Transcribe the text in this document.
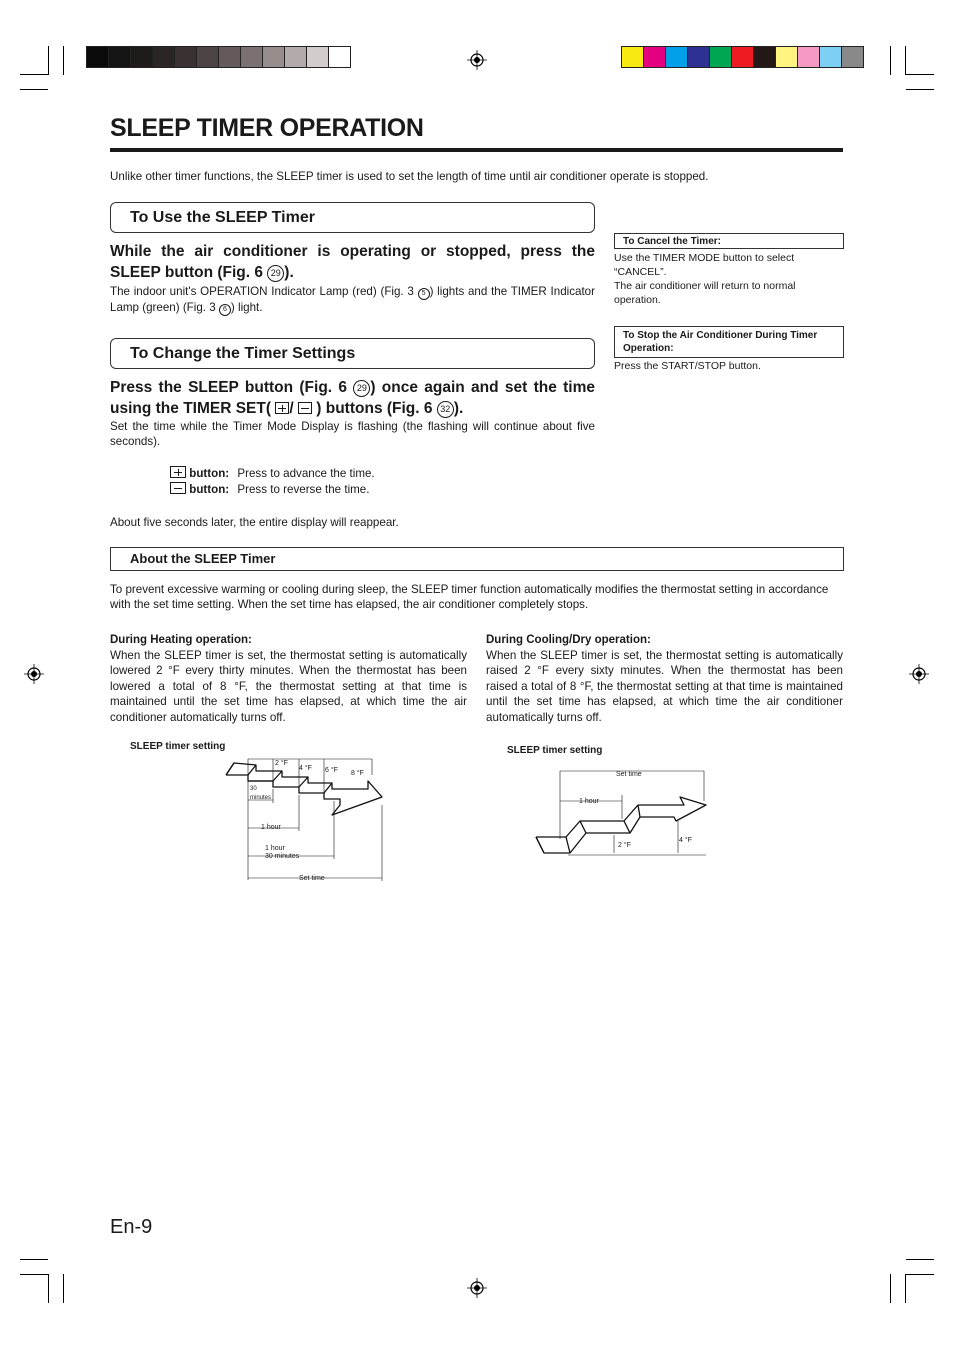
SLEEP TIMER OPERATION

Unlike other timer functions, the SLEEP timer is used to set the length of time until air conditioner operate is stopped.

To Use the SLEEP Timer

While the air conditioner is operating or stopped, press the SLEEP button (Fig. 6 29 ).

The indoor unit's OPERATION Indicator Lamp (red) (Fig. 3 5 ) lights and the TIMER Indicator Lamp (green) (Fig. 3 6 ) light.

To Cancel the Timer:
Use the TIMER MODE button to select “CANCEL”.
The air conditioner will return to normal operation.
To Stop the Air Conditioner During Timer Operation:
Press the START/STOP button.
To Change the Timer Settings

Press the SLEEP button (Fig. 6 29 ) once again and set the time using the TIMER SET(
/
) buttons (Fig. 6 32 ).

Set the time while the Timer Mode Display is flashing (the flashing will continue about five seconds).

button: Press to advance the time.
button: Press to reverse the time.

About five seconds later, the entire display will reappear.

About the SLEEP Timer

To prevent excessive warming or cooling during sleep, the SLEEP timer function automatically modifies the thermostat setting in accordance with the set time setting. When the set time has elapsed, the air conditioner completely stops.

During Heating operation:

When the SLEEP timer is set, the thermostat setting is automatically lowered 2 °F every thirty minutes. When the thermostat has been lowered a total of 8 °F, the thermostat setting at that time is maintained until the set time has elapsed, at which time the air conditioner automatically turns off.

During Cooling/Dry operation:

When the SLEEP timer is set, the thermostat setting is automatically raised 2 °F every sixty minutes. When the thermostat has been raised a total of 8 °F, the thermostat setting at that time is maintained until the set time has elapsed, at which time the air conditioner automatically turns off.

SLEEP timer setting
2 °F
4 °F 6 °F 8 °F
30
minutes
1 hour
1 hour
30 minutes
Set time
SLEEP timer setting
Set time
1 hour
2 °F
4 °F
En-9
